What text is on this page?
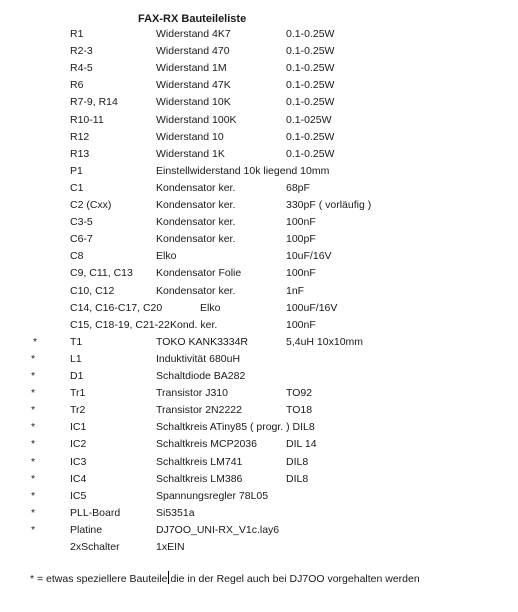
FAX-RX Bauteileliste
R1	Widerstand 4K7	0.1-0.25W
R2-3	Widerstand 470	0.1-0.25W
R4-5	Widerstand 1M	0.1-0.25W
R6	Widerstand 47K	0.1-0.25W
R7-9, R14	Widerstand 10K	0.1-0.25W
R10-11	Widerstand 100K	0.1-025W
R12	Widerstand 10	0.1-0.25W
R13	Widerstand 1K	0.1-0.25W
P1	Einstellwiderstand 10k liegend 10mm
C1	Kondensator ker.	68pF
C2 (Cxx)	Kondensator ker.	330pF ( vorläufig )
C3-5	Kondensator ker.	100nF
C6-7	Kondensator ker.	100pF
C8	Elko	10uF/16V
C9, C11, C13 Kondensator Folie	100nF
C10, C12	Kondensator ker.	1nF
C14, C16-C17, C20	Elko	100uF/16V
C15, C18-19, C21-22 Kond. ker.	100nF
*	T1	TOKO KANK3334R	5,4uH 10x10mm
*	L1	Induktivität 680uH
*	D1	Schaltdiode BA282
*	Tr1	Transistor J310	TO92
*	Tr2	Transistor 2N2222	TO18
*	IC1	Schaltkreis ATiny85 ( progr. ) DIL8
*	IC2	Schaltkreis MCP2036	DIL 14
*	IC3	Schaltkreis LM741	DIL8
*	IC4	Schaltkreis LM386	DIL8
*	IC5	Spannungsregler 78L05
*	PLL-Board	Si5351a
*	Platine	DJ7OO_UNI-RX_V1c.lay6
2xSchalter	1xEIN
* = etwas speziellere Bauteile die in der Regel auch bei DJ7OO vorgehalten werden
